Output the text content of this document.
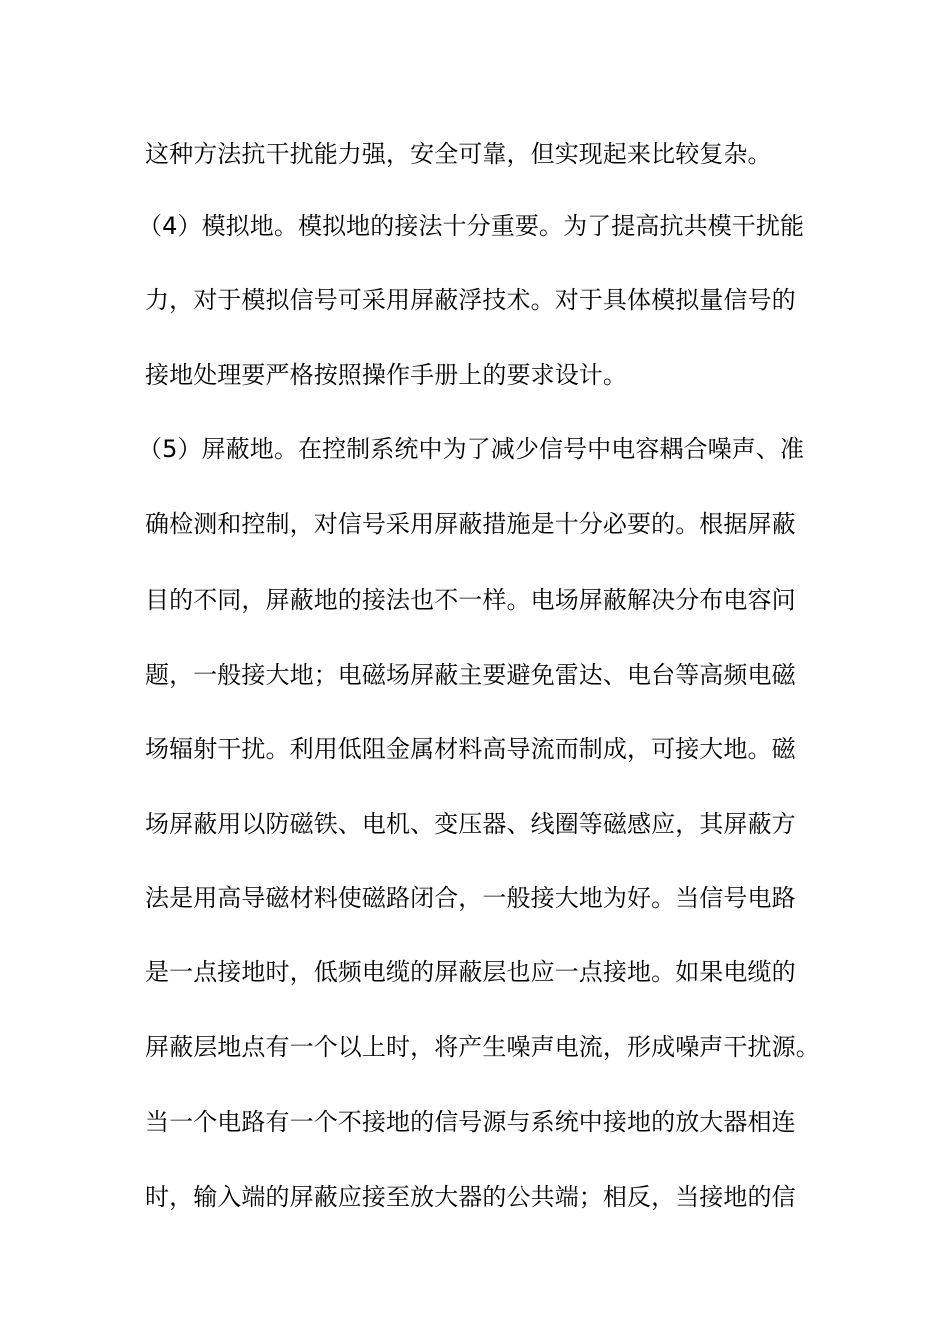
这种方法抗干扰能力强，安全可靠，但实现起来比较复杂。
（4）模拟地。模拟地的接法十分重要。为了提高抗共模干扰能
力，对于模拟信号可采用屏蔽浮技术。对于具体模拟量信号的
接地处理要严格按照操作手册上的要求设计。
（5）屏蔽地。在控制系统中为了减少信号中电容耦合噪声、准
确检测和控制，对信号采用屏蔽措施是十分必要的。根据屏蔽
目的不同，屏蔽地的接法也不一样。电场屏蔽解决分布电容问
题，一般接大地；电磁场屏蔽主要避免雷达、电台等高频电磁
场辐射干扰。利用低阻金属材料高导流而制成，可接大地。磁
场屏蔽用以防磁铁、电机、变压器、线圈等磁感应，其屏蔽方
法是用高导磁材料使磁路闭合，一般接大地为好。当信号电路
是一点接地时，低频电缆的屏蔽层也应一点接地。如果电缆的
屏蔽层地点有一个以上时，将产生噪声电流，形成噪声干扰源。
当一个电路有一个不接地的信号源与系统中接地的放大器相连
时，输入端的屏蔽应接至放大器的公共端；相反，当接地的信
